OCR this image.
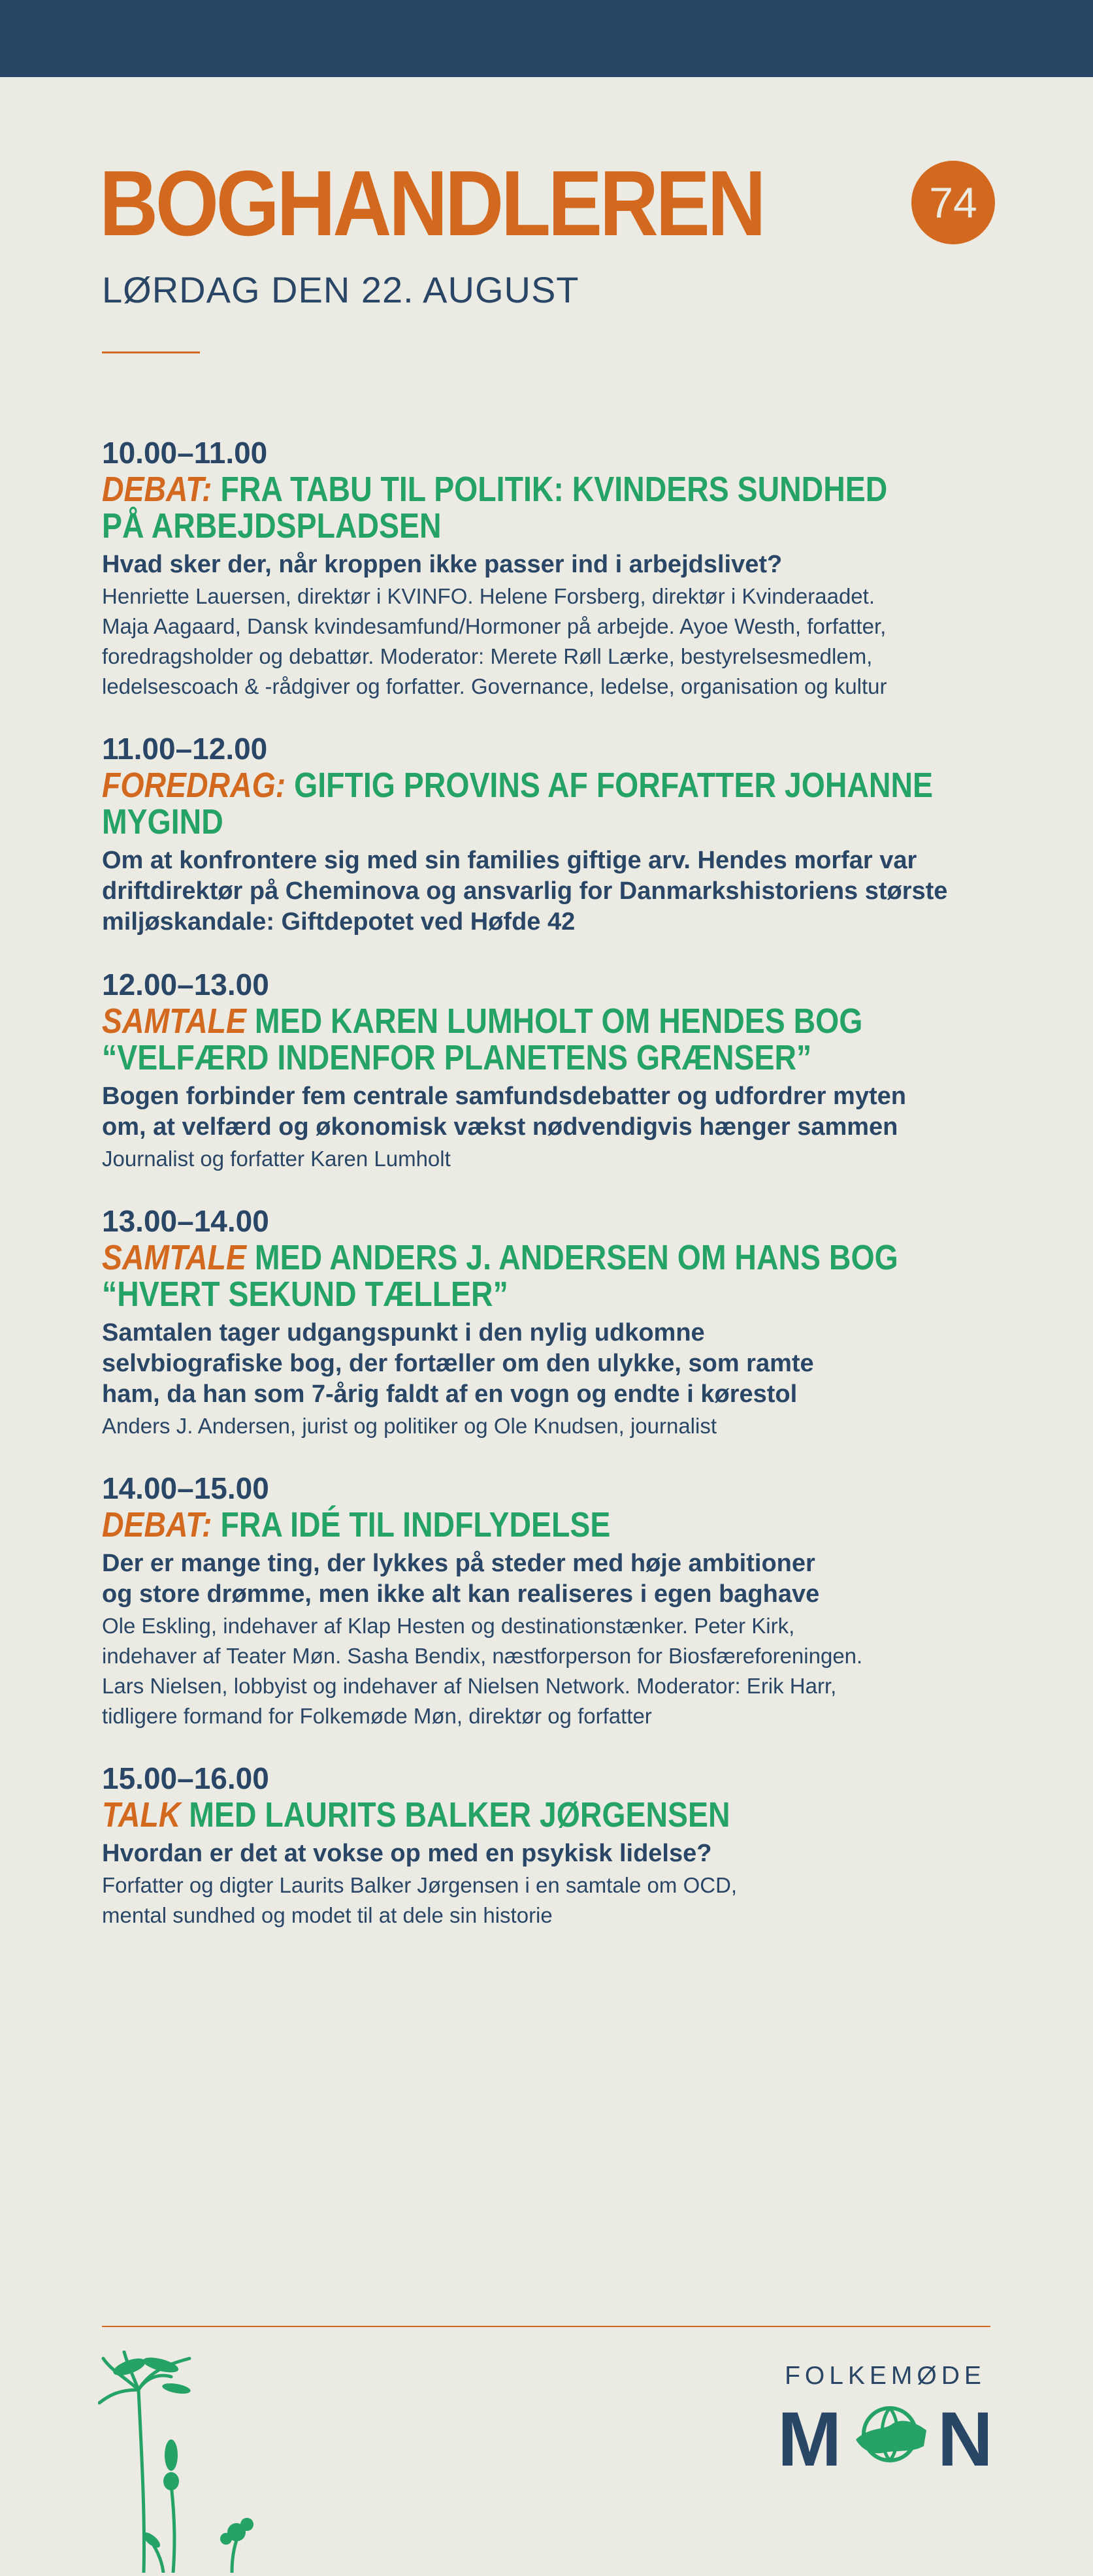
BOGHANDLEREN	74
LØRDAG DEN 22. AUGUST
10.00–11.00
DEBAT: FRA TABU TIL POLITIK: KVINDERS SUNDHED
PÅ ARBEJDSPLADSEN
Hvad sker der, når kroppen ikke passer ind i arbejdslivet?
Henriette Lauersen, direktør i KVINFO. Helene Forsberg, direktør i Kvinderaadet.
Maja Aagaard, Dansk kvindesamfund/Hormoner på arbejde. Ayoe Westh, forfatter,
foredragsholder og debattør. Moderator: Merete Røll Lærke, bestyrelsesmedlem,
ledelsescoach & -rådgiver og forfatter. Governance, ledelse, organisation og kultur
11.00–12.00
FOREDRAG: GIFTIG PROVINS AF FORFATTER JOHANNE MYGIND
Om at konfrontere sig med sin families giftige arv. Hendes morfar var
driftdirektør på Cheminova og ansvarlig for Danmarkshistoriens største
miljøskandale: Giftdepotet ved Høfde 42
12.00–13.00
SAMTALE MED KAREN LUMHOLT OM HENDES BOG
“VELFÆRD INDENFOR PLANETENS GRÆNSER”
Bogen forbinder fem centrale samfundsdebatter og udfordrer myten
om, at velfærd og økonomisk vækst nødvendigvis hænger sammen
Journalist og forfatter Karen Lumholt
13.00–14.00
SAMTALE MED ANDERS J. ANDERSEN OM HANS BOG
“HVERT SEKUND TÆLLER”
Samtalen tager udgangspunkt i den nylig udkomne
selvbiografiske bog, der fortæller om den ulykke, som ramte
ham, da han som 7-årig faldt af en vogn og endte i kørestol
Anders J. Andersen, jurist og politiker og Ole Knudsen, journalist
14.00–15.00
DEBAT: FRA IDÉ TIL INDFLYDELSE
Der er mange ting, der lykkes på steder med høje ambitioner
og store drømme, men ikke alt kan realiseres i egen baghave
Ole Eskling, indehaver af Klap Hesten og destinationstænker. Peter Kirk,
indehaver af Teater Møn. Sasha Bendix, næstforperson for Biosfæreforeningen.
Lars Nielsen, lobbyist og indehaver af Nielsen Network. Moderator: Erik Harr,
tidligere formand for Folkemøde Møn, direktør og forfatter
15.00–16.00
TALK MED LAURITS BALKER JØRGENSEN
Hvordan er det at vokse op med en psykisk lidelse?
Forfatter og digter Laurits Balker Jørgensen i en samtale om OCD,
mental sundhed og modet til at dele sin historie
FOLKEMØDE
M N
